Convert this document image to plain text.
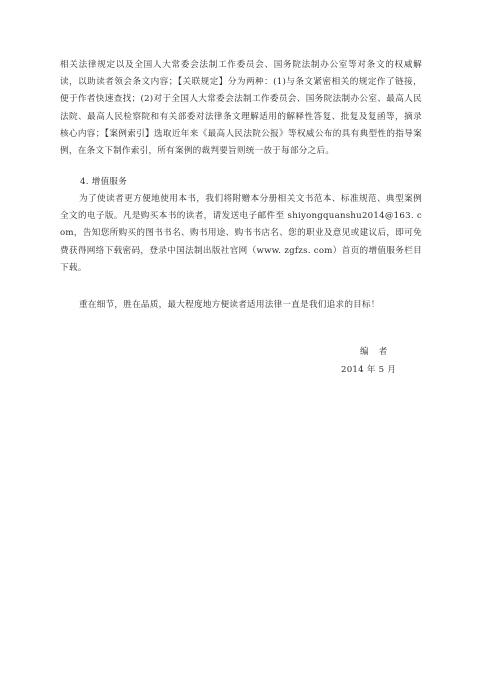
相关法律规定以及全国人大常委会法制工作委员会、国务院法制办公室等对条文的权威解读，以助读者领会条文内容；【关联规定】分为两种：(1)与条文紧密相关的规定作了链接，便于作者快速查找；(2)对于全国人大常委会法制工作委员会、国务院法制办公室、最高人民法院、最高人民检察院和有关部委对法律条文理解适用的解释性答复、批复及复函等，摘录核心内容；【案例索引】选取近年来《最高人民法院公报》等权威公布的具有典型性的指导案例，在条文下制作索引，所有案例的裁判要旨则统一放于每部分之后。

4. 增值服务

为了使读者更方便地使用本书，我们将附赠本分册相关文书范本、标准规范、典型案例全文的电子版。凡是购买本书的读者，请发送电子邮件至 shiyongquanshu2014@163. com，告知您所购买的图书书名、购书用途、购书书店名、您的职业及意见或建议后，即可免费获得网络下载密码，登录中国法制出版社官网（www. zgfzs. com）首页的增值服务栏目下载。

重在细节，胜在品质，最大程度地方便读者适用法律一直是我们追求的目标！

编者
2014 年 5 月
